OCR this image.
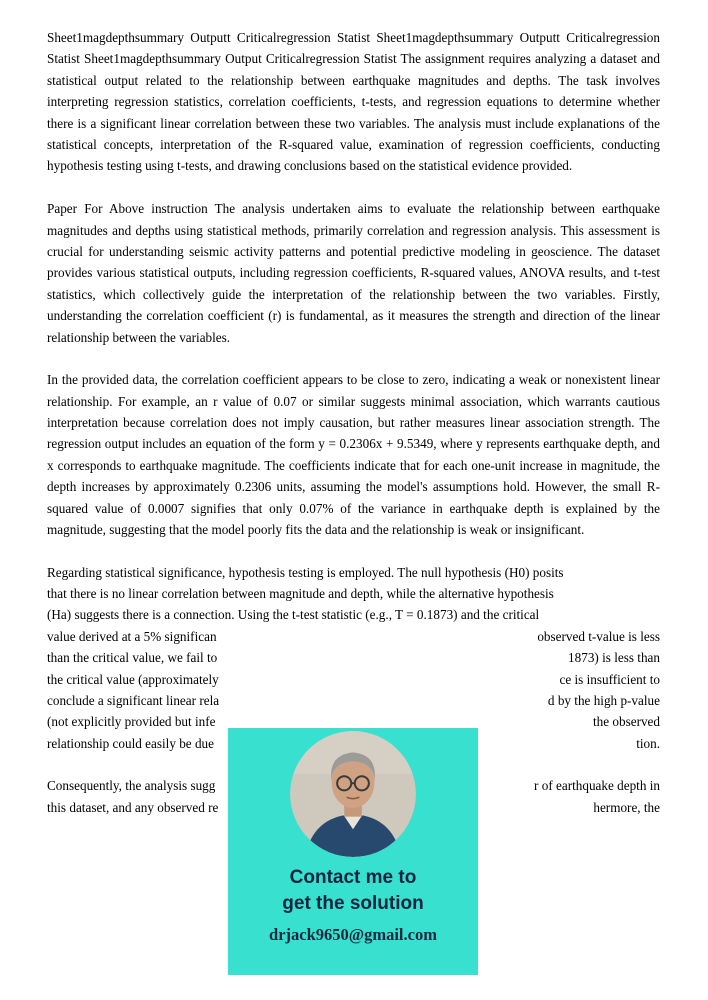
Sheet1magdepthsummary Outputt Criticalregression Statist Sheet1magdepthsummary Outputt Criticalregression Statist Sheet1magdepthsummary Output Criticalregression Statist The assignment requires analyzing a dataset and statistical output related to the relationship between earthquake magnitudes and depths. The task involves interpreting regression statistics, correlation coefficients, t-tests, and regression equations to determine whether there is a significant linear correlation between these two variables. The analysis must include explanations of the statistical concepts, interpretation of the R-squared value, examination of regression coefficients, conducting hypothesis testing using t-tests, and drawing conclusions based on the statistical evidence provided.

Paper For Above instruction The analysis undertaken aims to evaluate the relationship between earthquake magnitudes and depths using statistical methods, primarily correlation and regression analysis. This assessment is crucial for understanding seismic activity patterns and potential predictive modeling in geoscience. The dataset provides various statistical outputs, including regression coefficients, R-squared values, ANOVA results, and t-test statistics, which collectively guide the interpretation of the relationship between the two variables. Firstly, understanding the correlation coefficient (r) is fundamental, as it measures the strength and direction of the linear relationship between the variables.

In the provided data, the correlation coefficient appears to be close to zero, indicating a weak or nonexistent linear relationship. For example, an r value of 0.07 or similar suggests minimal association, which warrants cautious interpretation because correlation does not imply causation, but rather measures linear association strength. The regression output includes an equation of the form y = 0.2306x + 9.5349, where y represents earthquake depth, and x corresponds to earthquake magnitude. The coefficients indicate that for each one-unit increase in magnitude, the depth increases by approximately 0.2306 units, assuming the model's assumptions hold. However, the small R-squared value of 0.0007 signifies that only 0.07% of the variance in earthquake depth is explained by the magnitude, suggesting that the model poorly fits the data and the relationship is weak or insignificant.

Regarding statistical significance, hypothesis testing is employed. The null hypothesis (H0) posits
that there is no linear correlation between magnitude and depth, while the alternative hypothesis
(Ha) suggests there is a connection. Using the t-test statistic (e.g., T = 0.1873) and the critical
value derived at a 5% significan	observed t-value is less
than the critical value, we fail to	1873) is less than
the critical value (approximately	ce is insufficient to
conclude a significant linear rela	d by the high p-value
(not explicitly provided but infe	the observed
relationship could easily be due	tion.
Consequently, the analysis sugg	r of earthquake depth in
this dataset, and any observed re	hermore, the
Contact me to
get the solution
drjack9650@gmail.com
